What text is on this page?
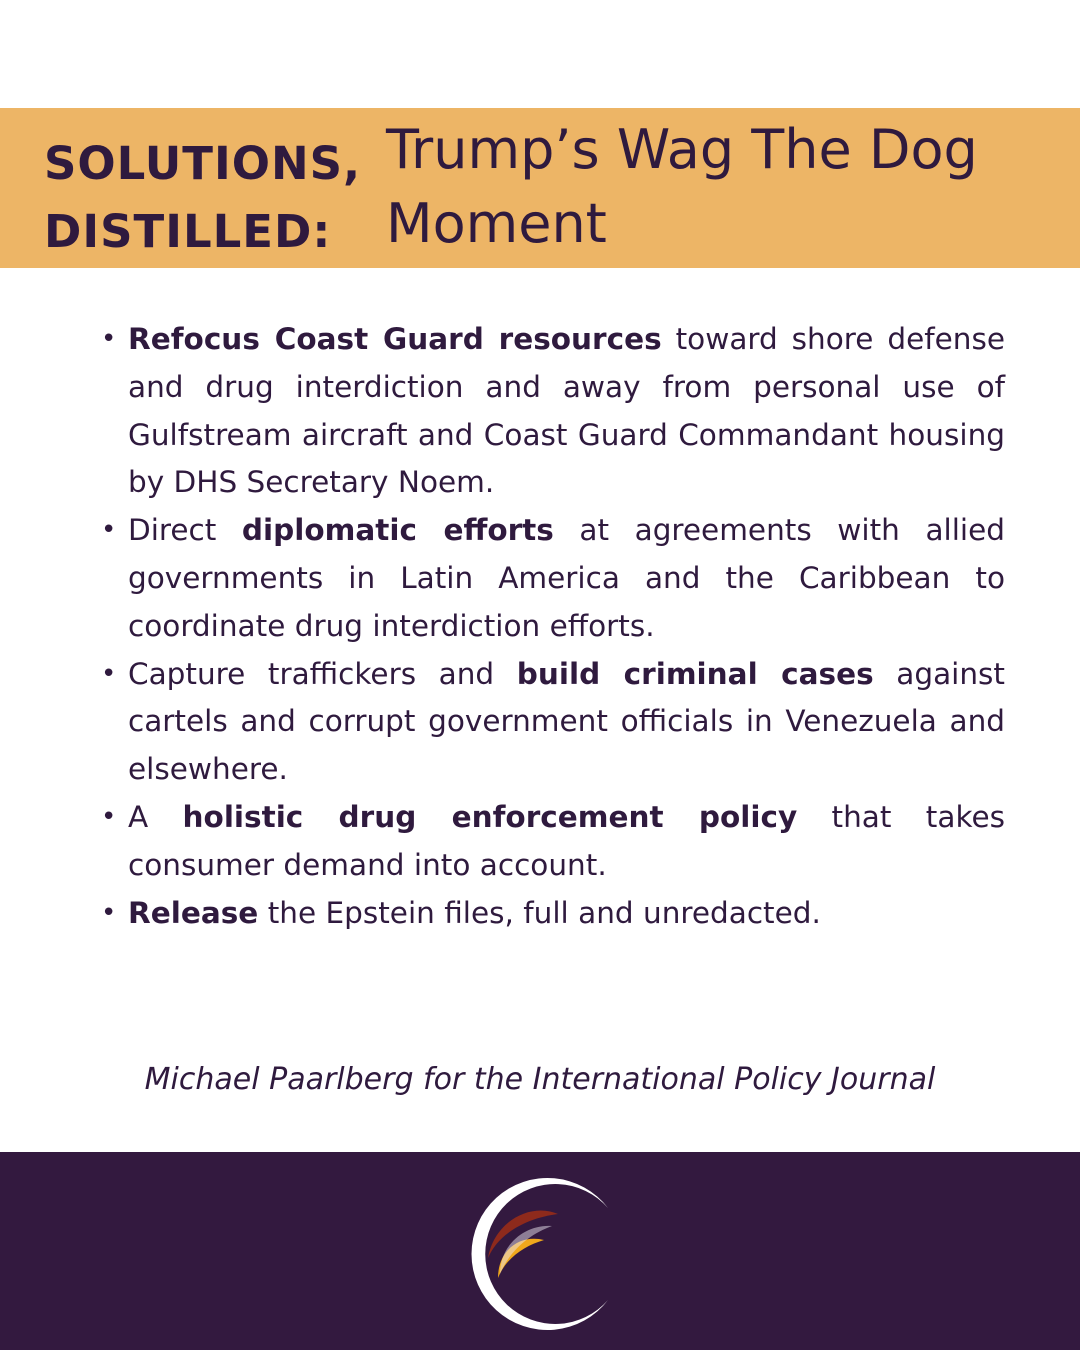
SOLUTIONS,
DISTILLED:
Trump’s Wag The Dog
Moment
• Refocus Coast Guard resources toward shore defense and drug interdiction and away from personal use of Gulfstream aircraft and Coast Guard Commandant housing by DHS Secretary Noem.
• Direct diplomatic efforts at agreements with allied governments in Latin America and the Caribbean to coordinate drug interdiction efforts.
• Capture traffickers and build criminal cases against cartels and corrupt government officials in Venezuela and elsewhere.
• A holistic drug enforcement policy that takes consumer demand into account.
• Release the Epstein files, full and unredacted.
Michael Paarlberg for the International Policy Journal
